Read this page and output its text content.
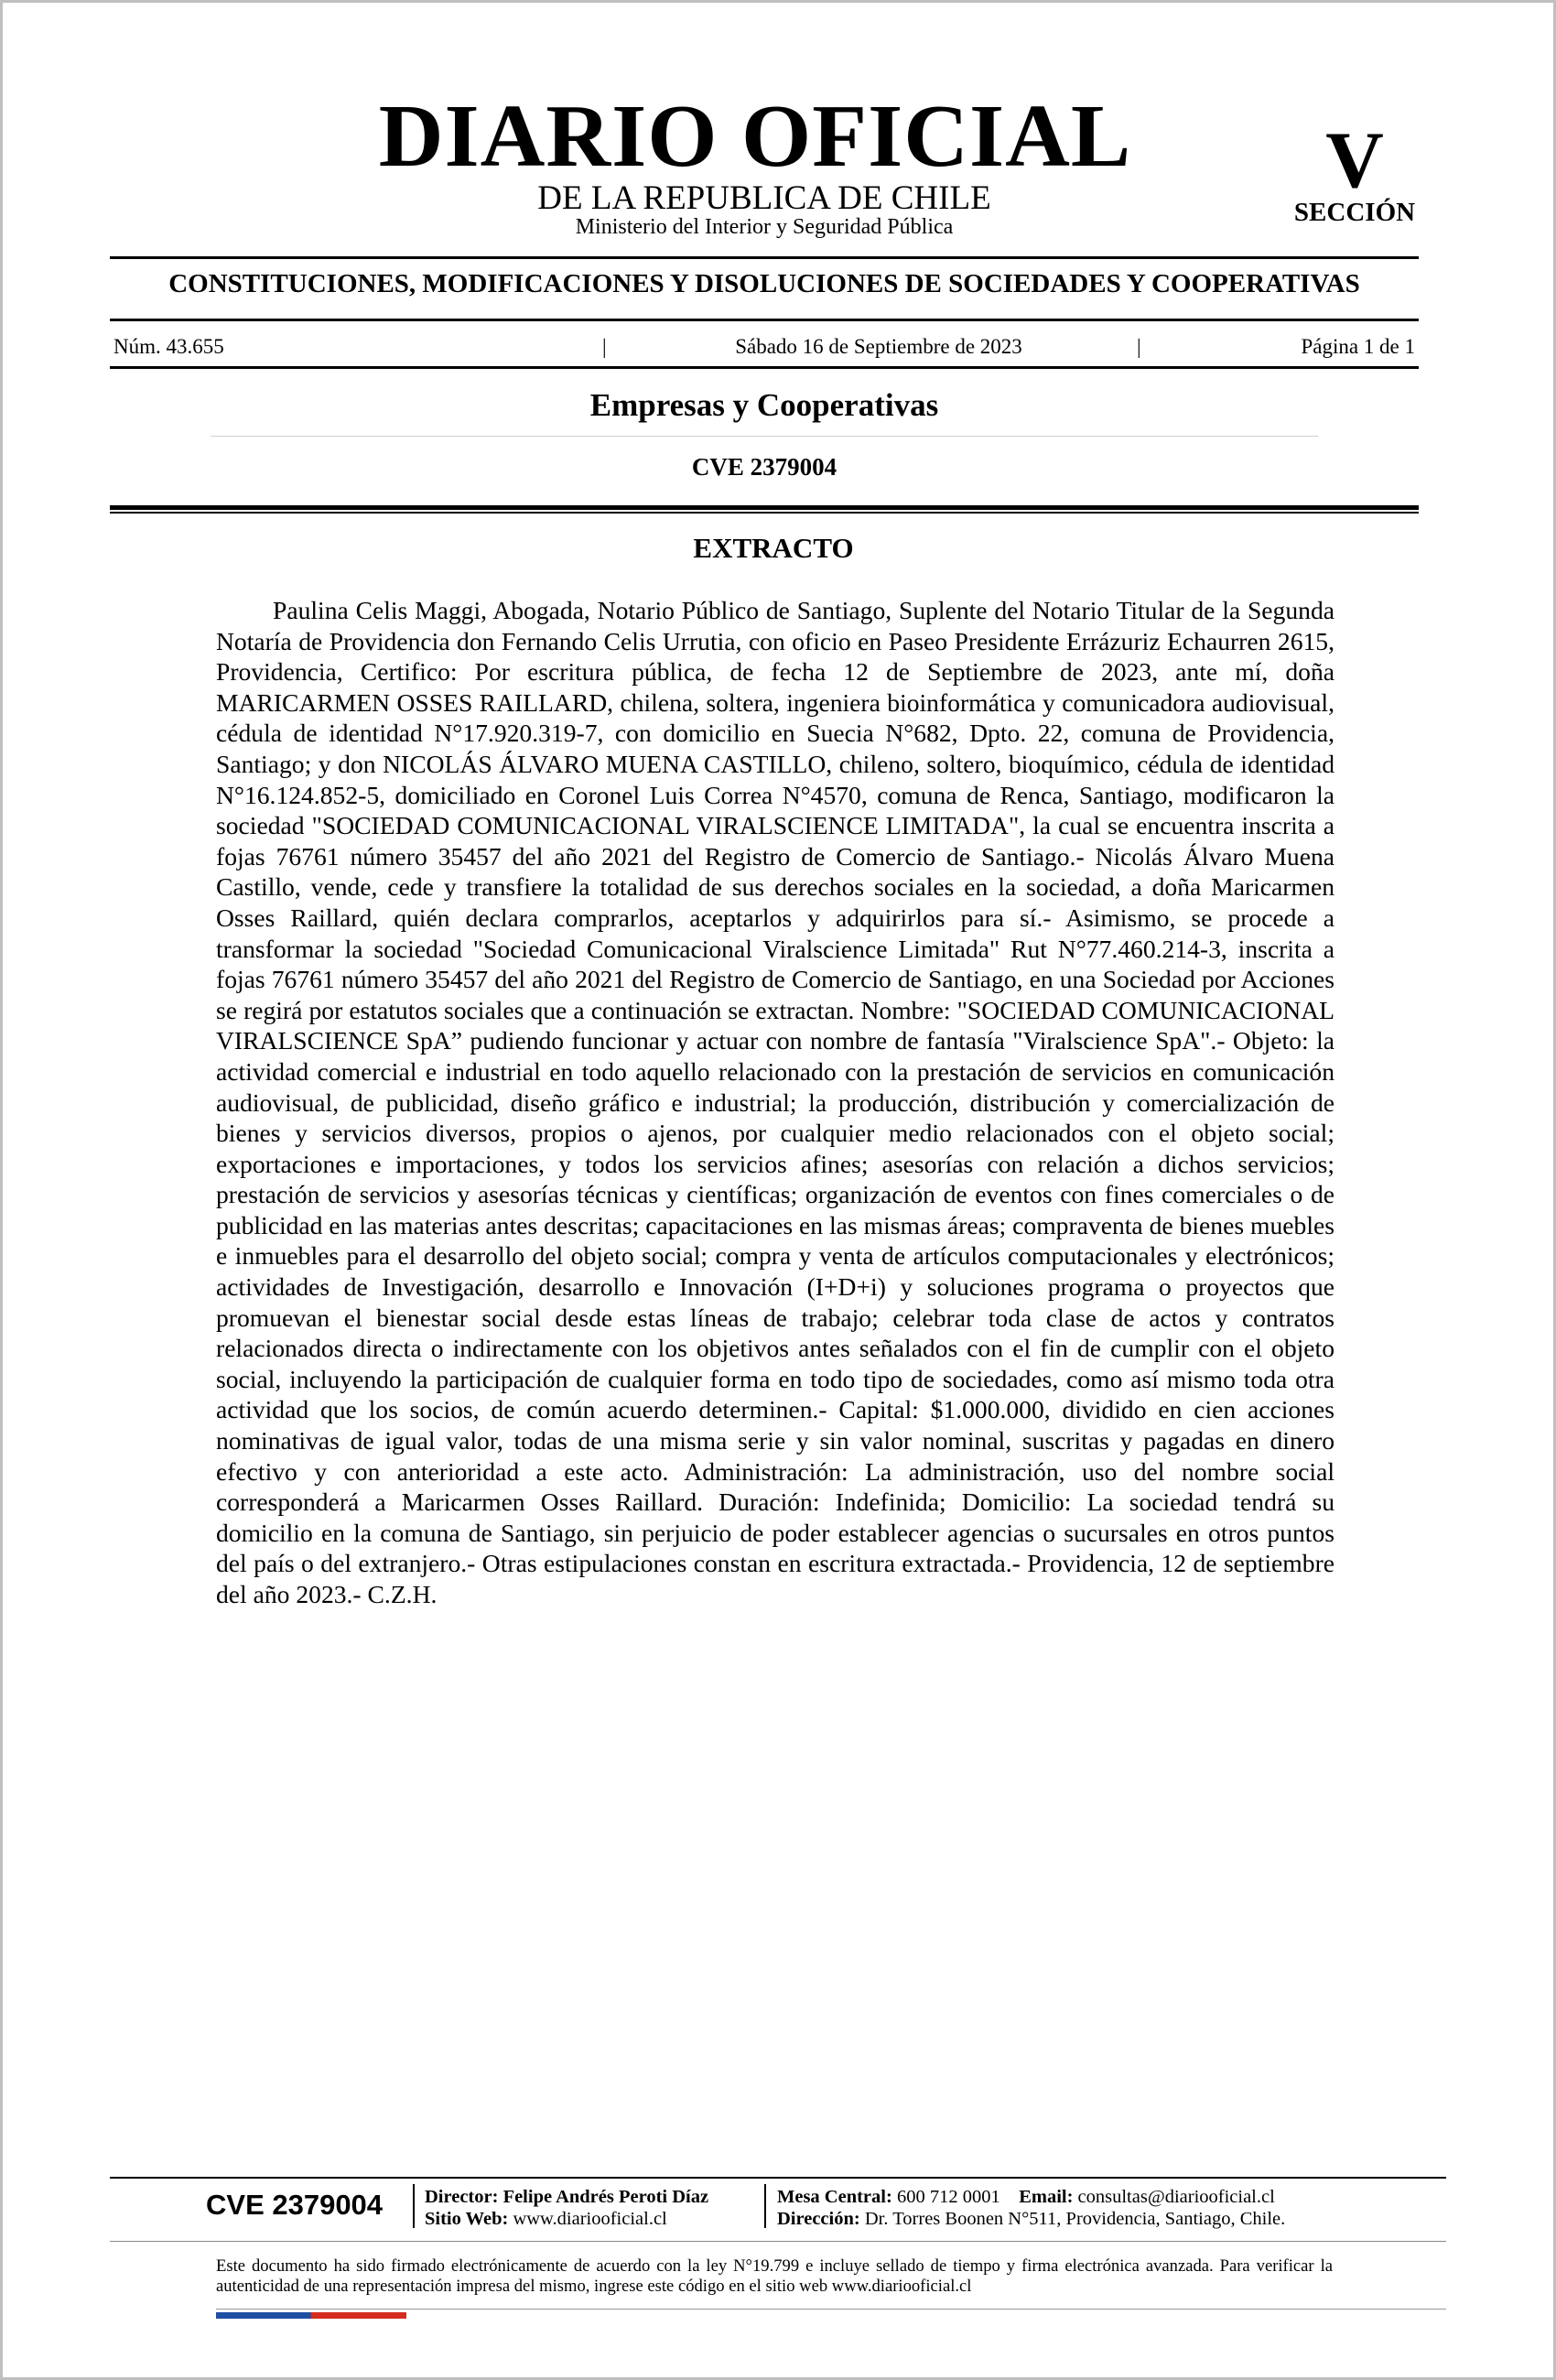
DIARIO OFICIAL
DE LA REPUBLICA DE CHILE
Ministerio del Interior y Seguridad Pública
V
SECCIÓN
CONSTITUCIONES, MODIFICACIONES Y DISOLUCIONES DE SOCIEDADES Y COOPERATIVAS
Núm. 43.655	|	Sábado 16 de Septiembre de 2023	|	Página 1 de 1
Empresas y Cooperativas
CVE 2379004
EXTRACTO

Paulina Celis Maggi, Abogada, Notario Público de Santiago, Suplente del Notario Titular de la Segunda Notaría de Providencia don Fernando Celis Urrutia, con oficio en Paseo Presidente Errázuriz Echaurren 2615, Providencia, Certifico: Por escritura pública, de fecha 12 de Septiembre de 2023, ante mí, doña MARICARMEN OSSES RAILLARD, chilena, soltera, ingeniera bioinformática y comunicadora audiovisual, cédula de identidad N°17.920.319-7, con domicilio en Suecia N°682, Dpto. 22, comuna de Providencia, Santiago; y don NICOLÁS ÁLVARO MUENA CASTILLO, chileno, soltero, bioquímico, cédula de identidad N°16.124.852-5, domiciliado en Coronel Luis Correa N°4570, comuna de Renca, Santiago, modificaron la sociedad "SOCIEDAD COMUNICACIONAL VIRALSCIENCE LIMITADA", la cual se encuentra inscrita a fojas 76761 número 35457 del año 2021 del Registro de Comercio de Santiago.- Nicolás Álvaro Muena Castillo, vende, cede y transfiere la totalidad de sus derechos sociales en la sociedad, a doña Maricarmen Osses Raillard, quién declara comprarlos, aceptarlos y adquirirlos para sí.- Asimismo, se procede a transformar la sociedad "Sociedad Comunicacional Viralscience Limitada" Rut N°77.460.214-3, inscrita a fojas 76761 número 35457 del año 2021 del Registro de Comercio de Santiago, en una Sociedad por Acciones se regirá por estatutos sociales que a continuación se extractan. Nombre: "SOCIEDAD COMUNICACIONAL VIRALSCIENCE SpA” pudiendo funcionar y actuar con nombre de fantasía "Viralscience SpA".- Objeto: la actividad comercial e industrial en todo aquello relacionado con la prestación de servicios en comunicación audiovisual, de publicidad, diseño gráfico e industrial; la producción, distribución y comercialización de bienes y servicios diversos, propios o ajenos, por cualquier medio relacionados con el objeto social; exportaciones e importaciones, y todos los servicios afines; asesorías con relación a dichos servicios; prestación de servicios y asesorías técnicas y científicas; organización de eventos con fines comerciales o de publicidad en las materias antes descritas; capacitaciones en las mismas áreas; compraventa de bienes muebles e inmuebles para el desarrollo del objeto social; compra y venta de artículos computacionales y electrónicos; actividades de Investigación, desarrollo e Innovación (I+D+i) y soluciones programa o proyectos que promuevan el bienestar social desde estas líneas de trabajo; celebrar toda clase de actos y contratos relacionados directa o indirectamente con los objetivos antes señalados con el fin de cumplir con el objeto social, incluyendo la participación de cualquier forma en todo tipo de sociedades, como así mismo toda otra actividad que los socios, de común acuerdo determinen.- Capital: $1.000.000, dividido en cien acciones nominativas de igual valor, todas de una misma serie y sin valor nominal, suscritas y pagadas en dinero efectivo y con anterioridad a este acto. Administración: La administración, uso del nombre social corresponderá a Maricarmen Osses Raillard. Duración: Indefinida; Domicilio: La sociedad tendrá su domicilio en la comuna de Santiago, sin perjuicio de poder establecer agencias o sucursales en otros puntos del país o del extranjero.- Otras estipulaciones constan en escritura extractada.- Providencia, 12 de septiembre del año 2023.- C.Z.H.

CVE 2379004	Director: Felipe Andrés Peroti Díaz
Sitio Web: www.diariooficial.cl
Mesa Central: 600 712 0001 Email: consultas@diariooficial.cl
Dirección: Dr. Torres Boonen N°511, Providencia, Santiago, Chile.

Este documento ha sido firmado electrónicamente de acuerdo con la ley N°19.799 e incluye sellado de tiempo y firma electrónica avanzada. Para verificar la autenticidad de una representación impresa del mismo, ingrese este código en el sitio web www.diariooficial.cl
